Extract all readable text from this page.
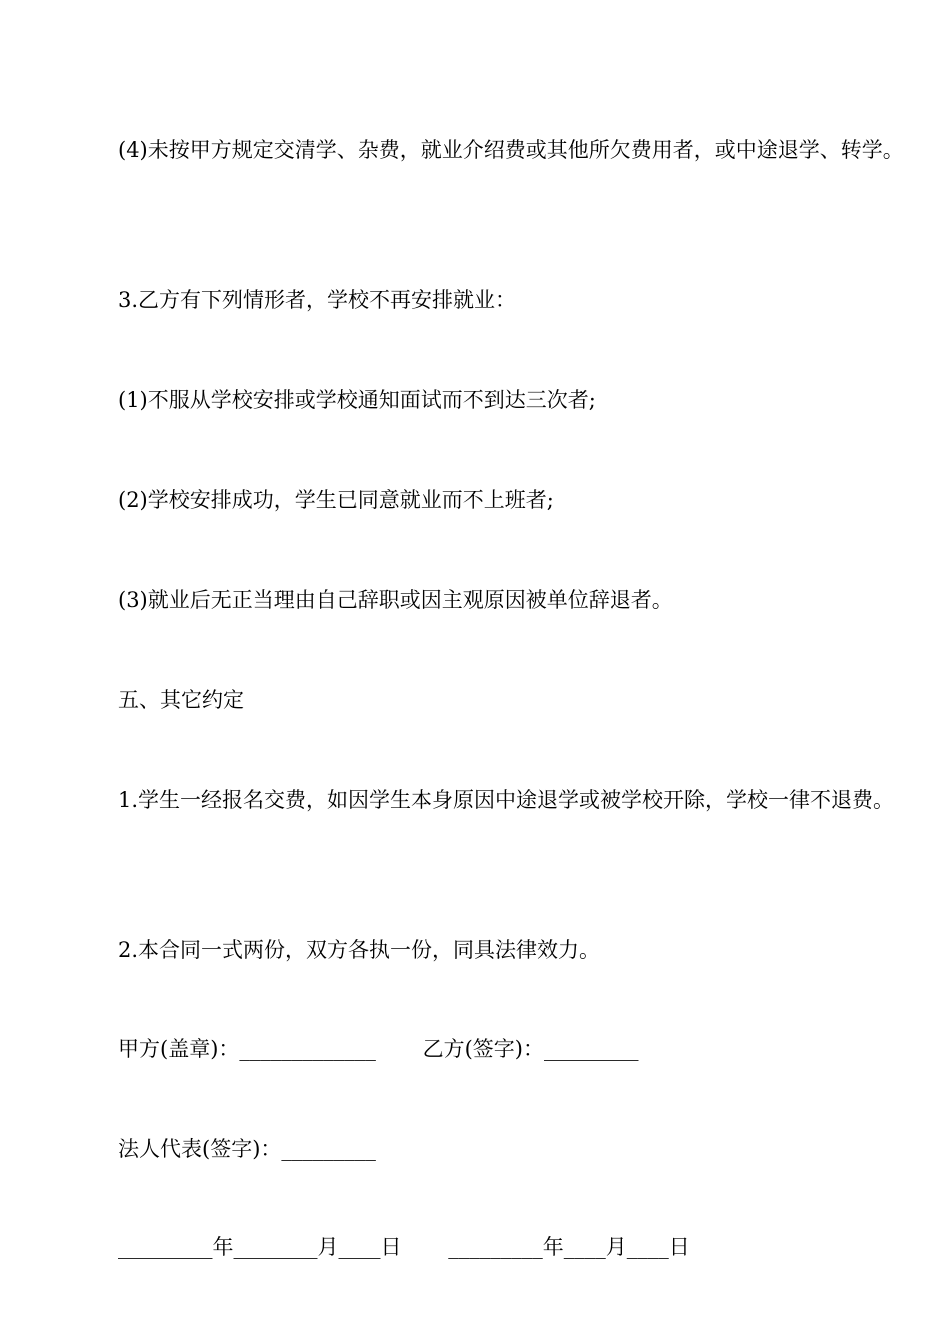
(4)未按甲方规定交清学、杂费，就业介绍费或其他所欠费用者，或中途退学、转学。
3.乙方有下列情形者，学校不再安排就业：
(1)不服从学校安排或学校通知面试而不到达三次者;
(2)学校安排成功，学生已同意就业而不上班者;
(3)就业后无正当理由自己辞职或因主观原因被单位辞退者。
五、其它约定
1.学生一经报名交费，如因学生本身原因中途退学或被学校开除，学校一律不退费。
2.本合同一式两份，双方各执一份，同具法律效力。
甲方(盖章)：_____________       乙方(签字)：_________
法人代表(签字)：_________
_________年________月____日       _________年____月____日
